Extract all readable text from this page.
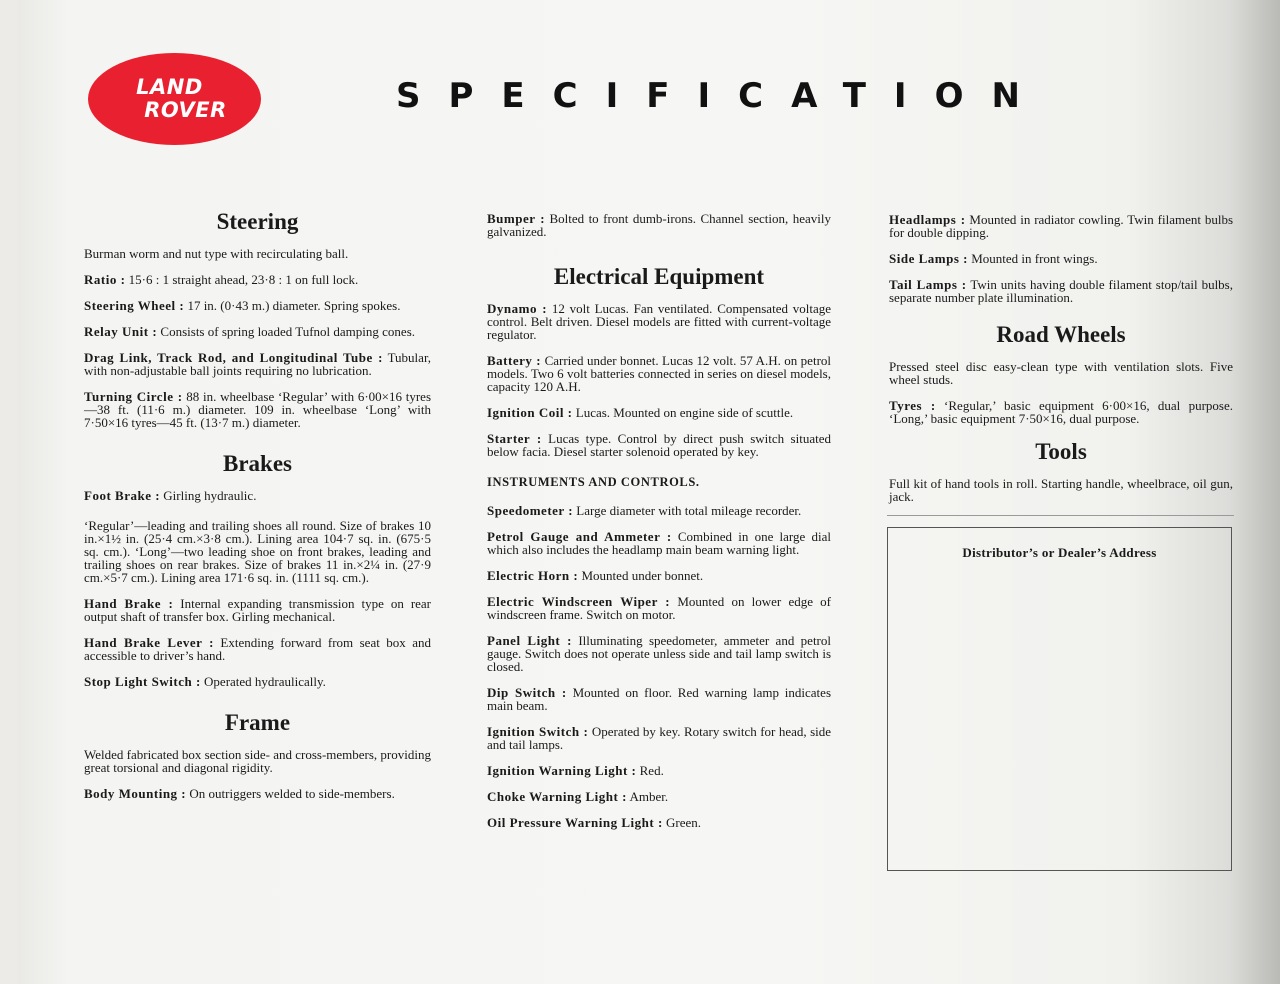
LAND
ROVER	SPECIFICATION
Steering

Burman worm and nut type with recirculating ball.

Ratio : 15·6 : 1 straight ahead, 23·8 : 1 on full lock.

Steering Wheel : 17 in. (0·43 m.) diameter. Spring spokes.

Relay Unit : Consists of spring loaded Tufnol damping cones.

Drag Link, Track Rod, and Longitudinal Tube : Tubular, with non-adjustable ball joints requiring no lubrication.

Turning Circle : 88 in. wheelbase ‘Regular’ with 6·00×16 tyres—38 ft. (11·6 m.) diameter. 109 in. wheelbase ‘Long’ with 7·50×16 tyres—45 ft. (13·7 m.) diameter.

Brakes

Foot Brake : Girling hydraulic.

‘Regular’—leading and trailing shoes all round. Size of brakes 10 in.×1½ in. (25·4 cm.×3·8 cm.). Lining area 104·7 sq. in. (675·5 sq. cm.). ‘Long’—two leading shoe on front brakes, leading and trailing shoes on rear brakes. Size of brakes 11 in.×2¼ in. (27·9 cm.×5·7 cm.). Lining area 171·6 sq. in. (1111 sq. cm.).

Hand Brake : Internal expanding transmission type on rear output shaft of transfer box. Girling mechanical.

Hand Brake Lever : Extending forward from seat box and accessible to driver’s hand.

Stop Light Switch : Operated hydraulically.

Frame

Welded fabricated box section side- and cross-members, providing great torsional and diagonal rigidity.

Body Mounting : On outriggers welded to side-members.

Bumper : Bolted to front dumb-irons. Channel section, heavily galvanized.

Electrical Equipment

Dynamo : 12 volt Lucas. Fan ventilated. Compensated voltage control. Belt driven. Diesel models are fitted with current-voltage regulator.

Battery : Carried under bonnet. Lucas 12 volt. 57 A.H. on petrol models. Two 6 volt batteries connected in series on diesel models, capacity 120 A.H.

Ignition Coil : Lucas. Mounted on engine side of scuttle.

Starter : Lucas type. Control by direct push switch situated below facia. Diesel starter solenoid operated by key.

INSTRUMENTS AND CONTROLS.

Speedometer : Large diameter with total mileage recorder.

Petrol Gauge and Ammeter : Combined in one large dial which also includes the headlamp main beam warning light.

Electric Horn : Mounted under bonnet.

Electric Windscreen Wiper : Mounted on lower edge of windscreen frame. Switch on motor.

Panel Light : Illuminating speedometer, ammeter and petrol gauge. Switch does not operate unless side and tail lamp switch is closed.

Dip Switch : Mounted on floor. Red warning lamp indicates main beam.

Ignition Switch : Operated by key. Rotary switch for head, side and tail lamps.

Ignition Warning Light : Red.

Choke Warning Light : Amber.

Oil Pressure Warning Light : Green.

Headlamps : Mounted in radiator cowling. Twin filament bulbs for double dipping.

Side Lamps : Mounted in front wings.

Tail Lamps : Twin units having double filament stop/tail bulbs, separate number plate illumination.

Road Wheels

Pressed steel disc easy-clean type with ventilation slots. Five wheel studs.

Tyres : ‘Regular,’ basic equipment 6·00×16, dual purpose. ‘Long,’ basic equipment 7·50×16, dual purpose.

Tools

Full kit of hand tools in roll. Starting handle, wheelbrace, oil gun, jack.

Distributor’s or Dealer’s Address
